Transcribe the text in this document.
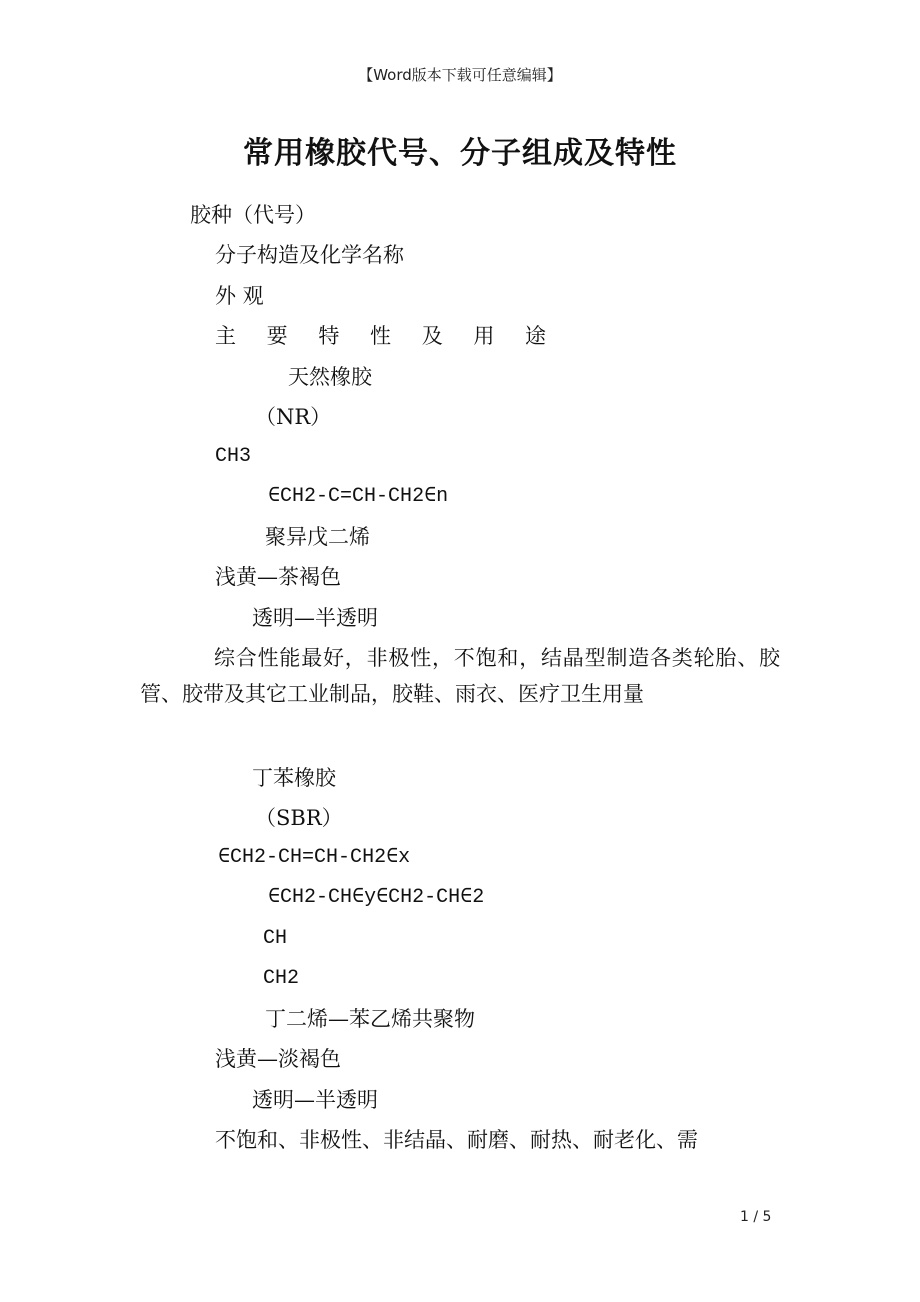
【Word版本下载可任意编辑】
常用橡胶代号、分子组成及特性
胶种（代号）
分子构造及化学名称
外 观
主 要 特 性 及 用 途
天然橡胶
（NR）
CH3
∈CH2-C=CH-CH2∈n
聚异戊二烯
浅黄—茶褐色
透明—半透明
综合性能最好，非极性，不饱和，结晶型制造各类轮胎、胶管、胶带及其它工业制品，胶鞋、雨衣、医疗卫生用量
丁苯橡胶
（SBR）
∈CH2-CH=CH-CH2∈x
∈CH2-CH∈y∈CH2-CH∈2
CH
CH2
丁二烯—苯乙烯共聚物
浅黄—淡褐色
透明—半透明
不饱和、非极性、非结晶、耐磨、耐热、耐老化、需
1 / 5
